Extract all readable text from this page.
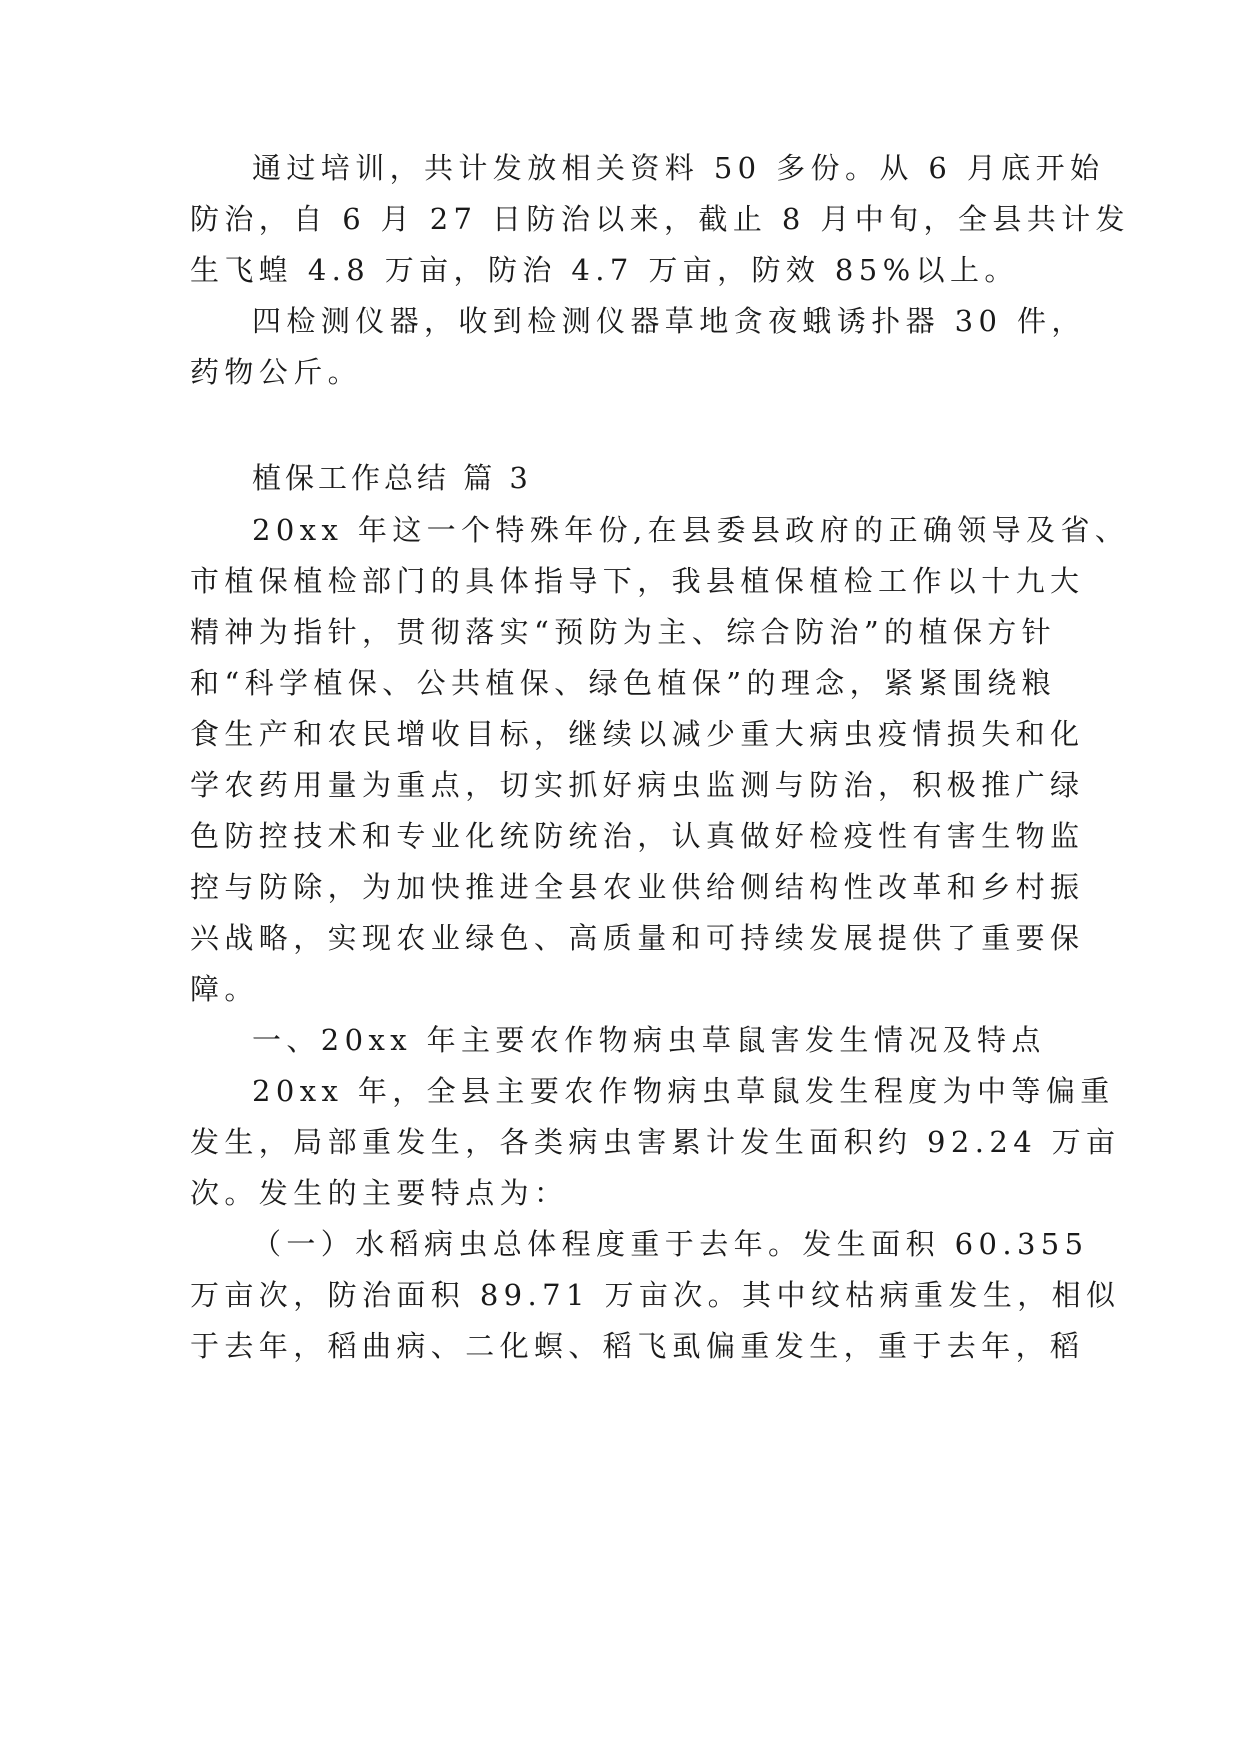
通过培训，共计发放相关资料 50 多份。从 6 月底开始
防治，自 6 月 27 日防治以来，截止 8 月中旬，全县共计发
生飞蝗 4.8 万亩，防治 4.7 万亩，防效 85%以上。
四检测仪器，收到检测仪器草地贪夜蛾诱扑器 30 件，
药物公斤。
植保工作总结 篇 3
20xx 年这一个特殊年份,在县委县政府的正确领导及省、
市植保植检部门的具体指导下，我县植保植检工作以十九大
精神为指针，贯彻落实“预防为主、综合防治”的植保方针
和“科学植保、公共植保、绿色植保”的理念，紧紧围绕粮
食生产和农民增收目标，继续以减少重大病虫疫情损失和化
学农药用量为重点，切实抓好病虫监测与防治，积极推广绿
色防控技术和专业化统防统治，认真做好检疫性有害生物监
控与防除，为加快推进全县农业供给侧结构性改革和乡村振
兴战略，实现农业绿色、高质量和可持续发展提供了重要保
障。
一、20xx 年主要农作物病虫草鼠害发生情况及特点
20xx 年，全县主要农作物病虫草鼠发生程度为中等偏重
发生，局部重发生，各类病虫害累计发生面积约 92.24 万亩
次。发生的主要特点为：
（一）水稻病虫总体程度重于去年。发生面积 60.355
万亩次，防治面积 89.71 万亩次。其中纹枯病重发生，相似
于去年，稻曲病、二化螟、稻飞虱偏重发生，重于去年，稻
